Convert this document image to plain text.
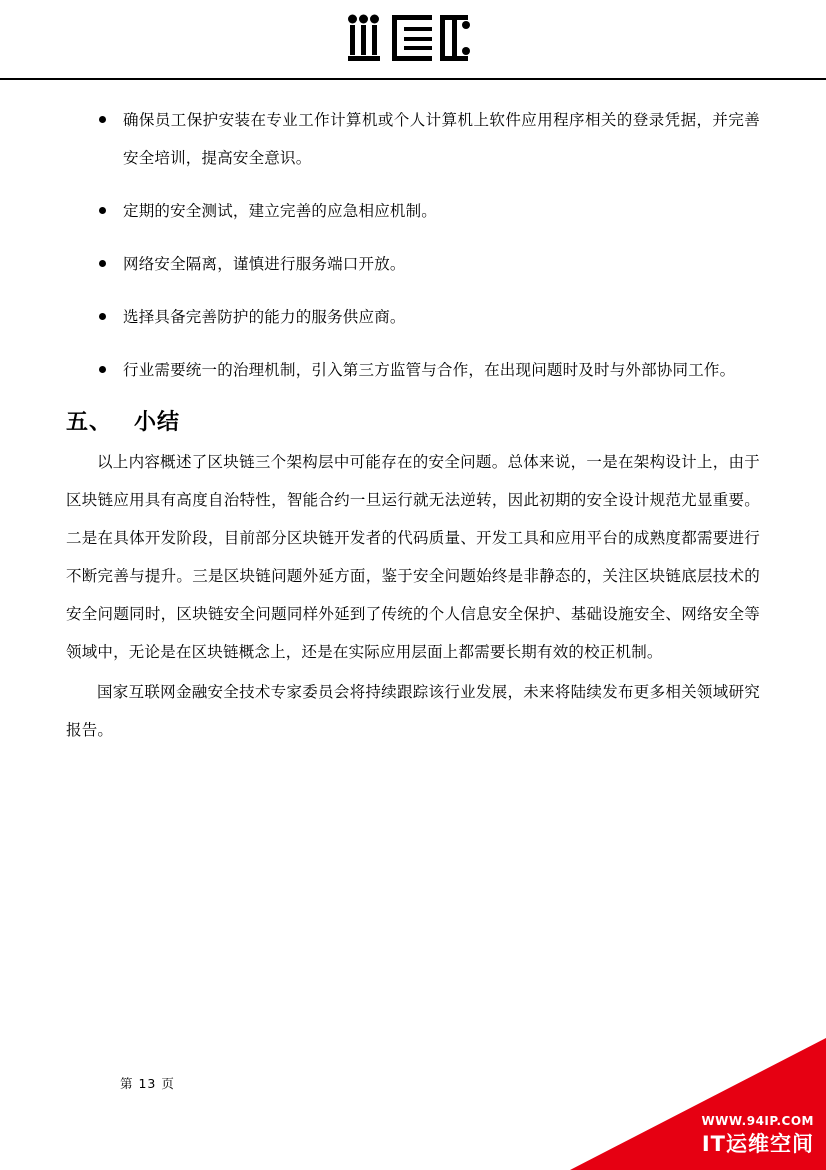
确保员工保护安装在专业工作计算机或个人计算机上软件应用程序相关的登录凭据，并完善安全培训，提高安全意识。
定期的安全测试，建立完善的应急相应机制。
网络安全隔离，谨慎进行服务端口开放。
选择具备完善防护的能力的服务供应商。
行业需要统一的治理机制，引入第三方监管与合作，在出现问题时及时与外部协同工作。
五、 小结

以上内容概述了区块链三个架构层中可能存在的安全问题。总体来说，一是在架构设计上，由于区块链应用具有高度自治特性，智能合约一旦运行就无法逆转，因此初期的安全设计规范尤显重要。二是在具体开发阶段，目前部分区块链开发者的代码质量、开发工具和应用平台的成熟度都需要进行不断完善与提升。三是区块链问题外延方面，鉴于安全问题始终是非静态的，关注区块链底层技术的安全问题同时，区块链安全问题同样外延到了传统的个人信息安全保护、基础设施安全、网络安全等领域中，无论是在区块链概念上，还是在实际应用层面上都需要长期有效的校正机制。

国家互联网金融安全技术专家委员会将持续跟踪该行业发展，未来将陆续发布更多相关领域研究报告。

第 13 页
WWW.94IP.COM
IT运维空间
